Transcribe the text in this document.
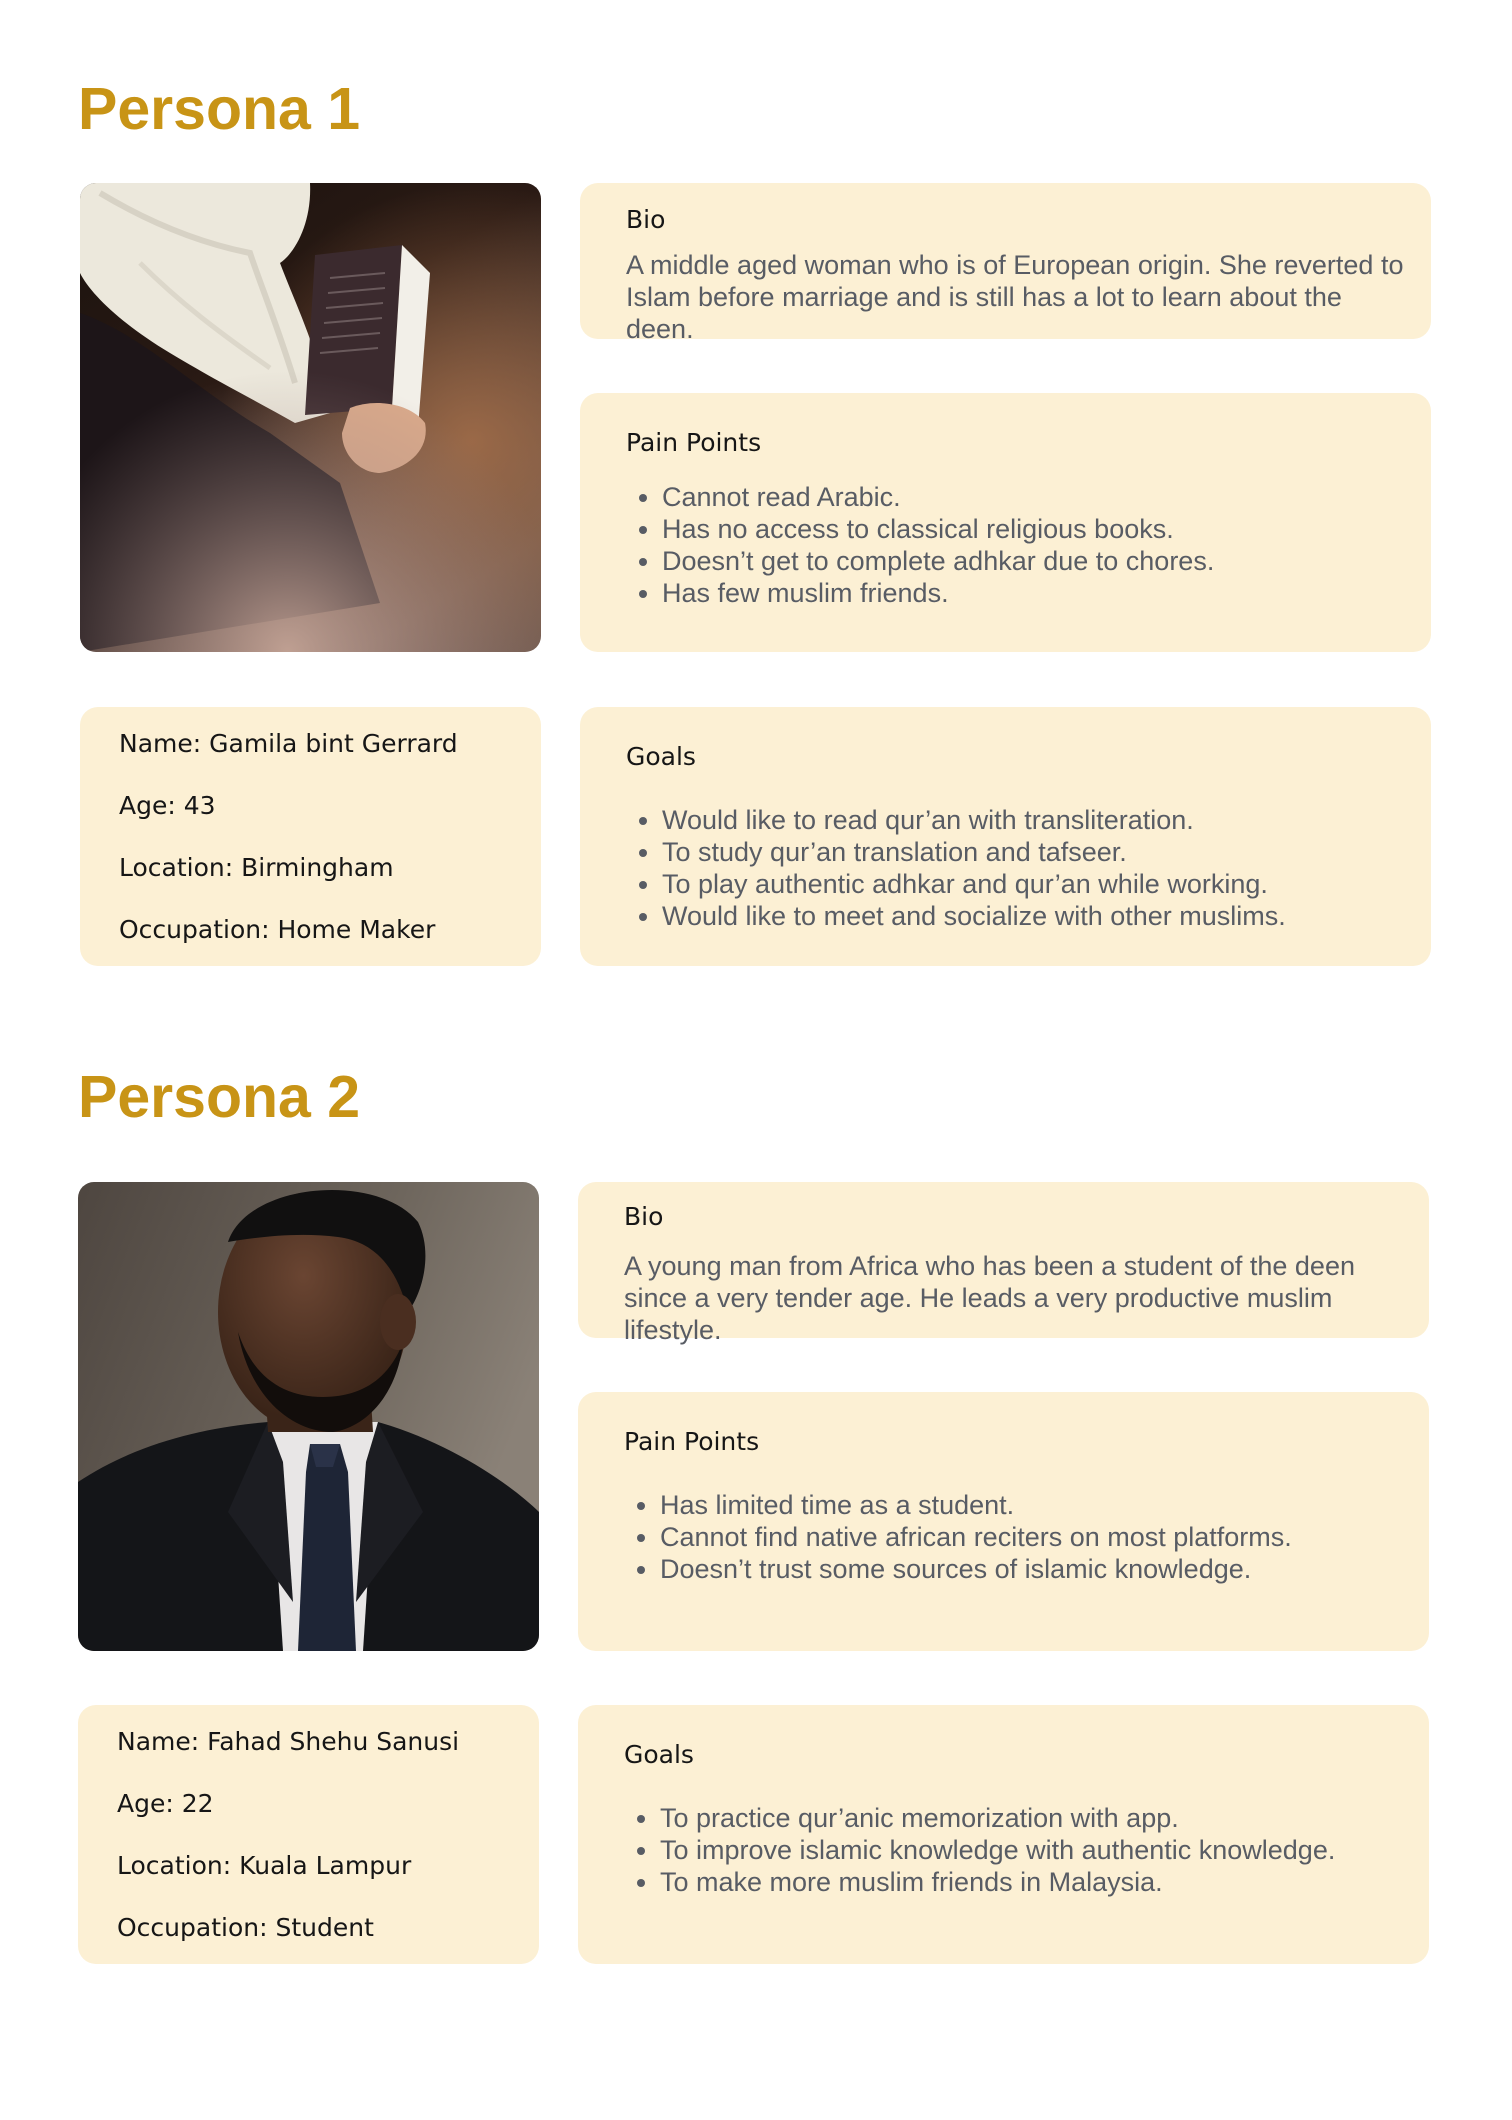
Persona 1
Bio

A middle aged woman who is of European origin. She reverted to Islam before marriage and is still has a lot to learn about the deen.

Pain Points
• Cannot read Arabic.
• Has no access to classical religious books.
• Doesn’t get to complete adhkar due to chores.
• Has few muslim friends.

Name: Gamila bint Gerrard

Age: 43

Location: Birmingham

Occupation: Home Maker

Goals
• Would like to read qur’an with transliteration.
• To study qur’an translation and tafseer.
• To play authentic adhkar and qur’an while working.
• Would like to meet and socialize with other muslims.
Persona 2
Bio

A young man from Africa who has been a student of the deen since a very tender age. He leads a very productive muslim lifestyle.

Pain Points
• Has limited time as a student.
• Cannot find native african reciters on most platforms.
• Doesn’t trust some sources of islamic knowledge.

Name: Fahad Shehu Sanusi

Age: 22

Location: Kuala Lampur

Occupation: Student

Goals
• To practice qur’anic memorization with app.
• To improve islamic knowledge with authentic knowledge.
• To make more muslim friends in Malaysia.
